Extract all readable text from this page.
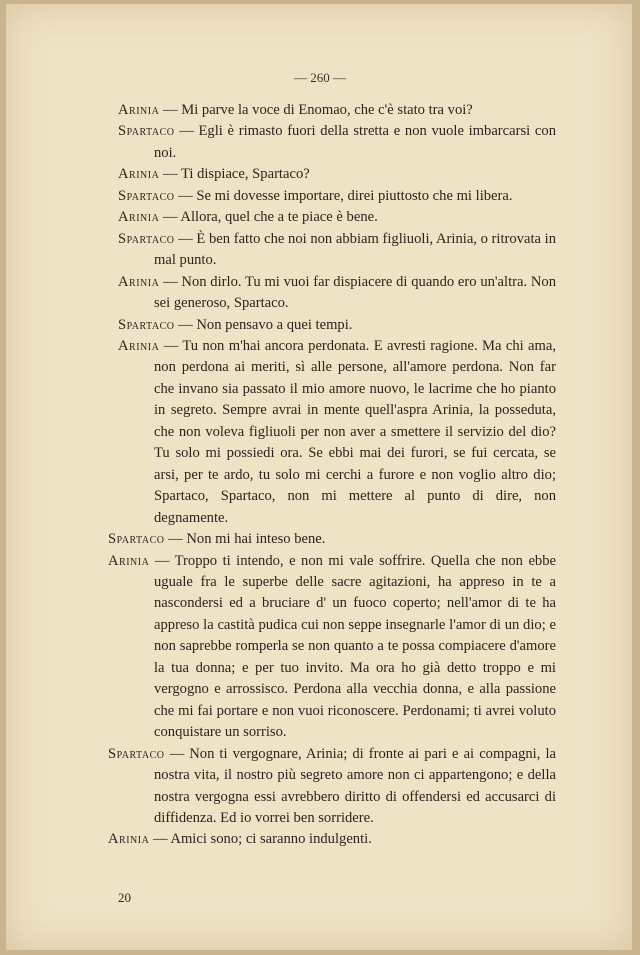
— 260 —

Arinia — Mi parve la voce di Enomao, che c'è stato tra voi?

Spartaco — Egli è rimasto fuori della stretta e non vuole imbarcarsi con noi.

Arinia — Ti dispiace, Spartaco?

Spartaco — Se mi dovesse importare, direi piuttosto che mi libera.

Arinia — Allora, quel che a te piace è bene.

Spartaco — È ben fatto che noi non abbiam figliuoli, Arinia, o ritrovata in mal punto.

Arinia — Non dirlo. Tu mi vuoi far dispiacere di quando ero un'altra. Non sei generoso, Spartaco.

Spartaco — Non pensavo a quei tempi.

Arinia — Tu non m'hai ancora perdonata. E avresti ragione. Ma chi ama, non perdona ai meriti, sì alle persone, all'amore perdona. Non far che invano sia passato il mio amore nuovo, le lacrime che ho pianto in segreto. Sempre avrai in mente quell'aspra Arinia, la posseduta, che non voleva figliuoli per non aver a smettere il servizio del dio? Tu solo mi possiedi ora. Se ebbi mai dei furori, se fui cercata, se arsi, per te ardo, tu solo mi cerchi a furore e non voglio altro dio; Spartaco, Spartaco, non mi mettere al punto di dire, non degnamente.

Spartaco — Non mi hai inteso bene.

Arinia — Troppo ti intendo, e non mi vale soffrire. Quella che non ebbe uguale fra le superbe delle sacre agitazioni, ha appreso in te a nascondersi ed a bruciare d' un fuoco coperto; nell'amor di te ha appreso la castità pudica cui non seppe insegnarle l'amor di un dio; e non saprebbe romperla se non quanto a te possa compiacere d'amore la tua donna; e per tuo invito. Ma ora ho già detto troppo e mi vergogno e arrossisco. Perdona alla vecchia donna, e alla passione che mi fai portare e non vuoi riconoscere. Perdonami; ti avrei voluto conquistare un sorriso.

Spartaco — Non ti vergognare, Arinia; di fronte ai pari e ai compagni, la nostra vita, il nostro più segreto amore non ci appartengono; e della nostra vergogna essi avrebbero diritto di offendersi ed accusarci di diffidenza. Ed io vorrei ben sorridere.

Arinia — Amici sono; ci saranno indulgenti.

20
